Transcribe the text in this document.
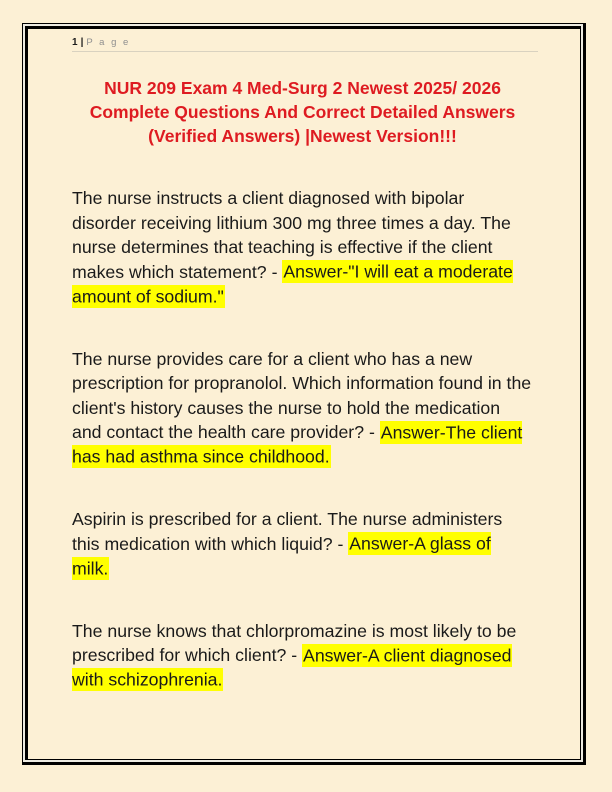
1 | P a g e
NUR 209 Exam 4 Med-Surg 2 Newest 2025/ 2026 Complete Questions And Correct Detailed Answers (Verified Answers) |Newest Version!!!

The nurse instructs a client diagnosed with bipolar disorder receiving lithium 300 mg three times a day. The nurse determines that teaching is effective if the client makes which statement? - Answer-"I will eat a moderate amount of sodium."

The nurse provides care for a client who has a new prescription for propranolol. Which information found in the client's history causes the nurse to hold the medication and contact the health care provider? - Answer-The client has had asthma since childhood.

Aspirin is prescribed for a client. The nurse administers this medication with which liquid? - Answer-A glass of milk.

The nurse knows that chlorpromazine is most likely to be prescribed for which client? - Answer-A client diagnosed with schizophrenia.
